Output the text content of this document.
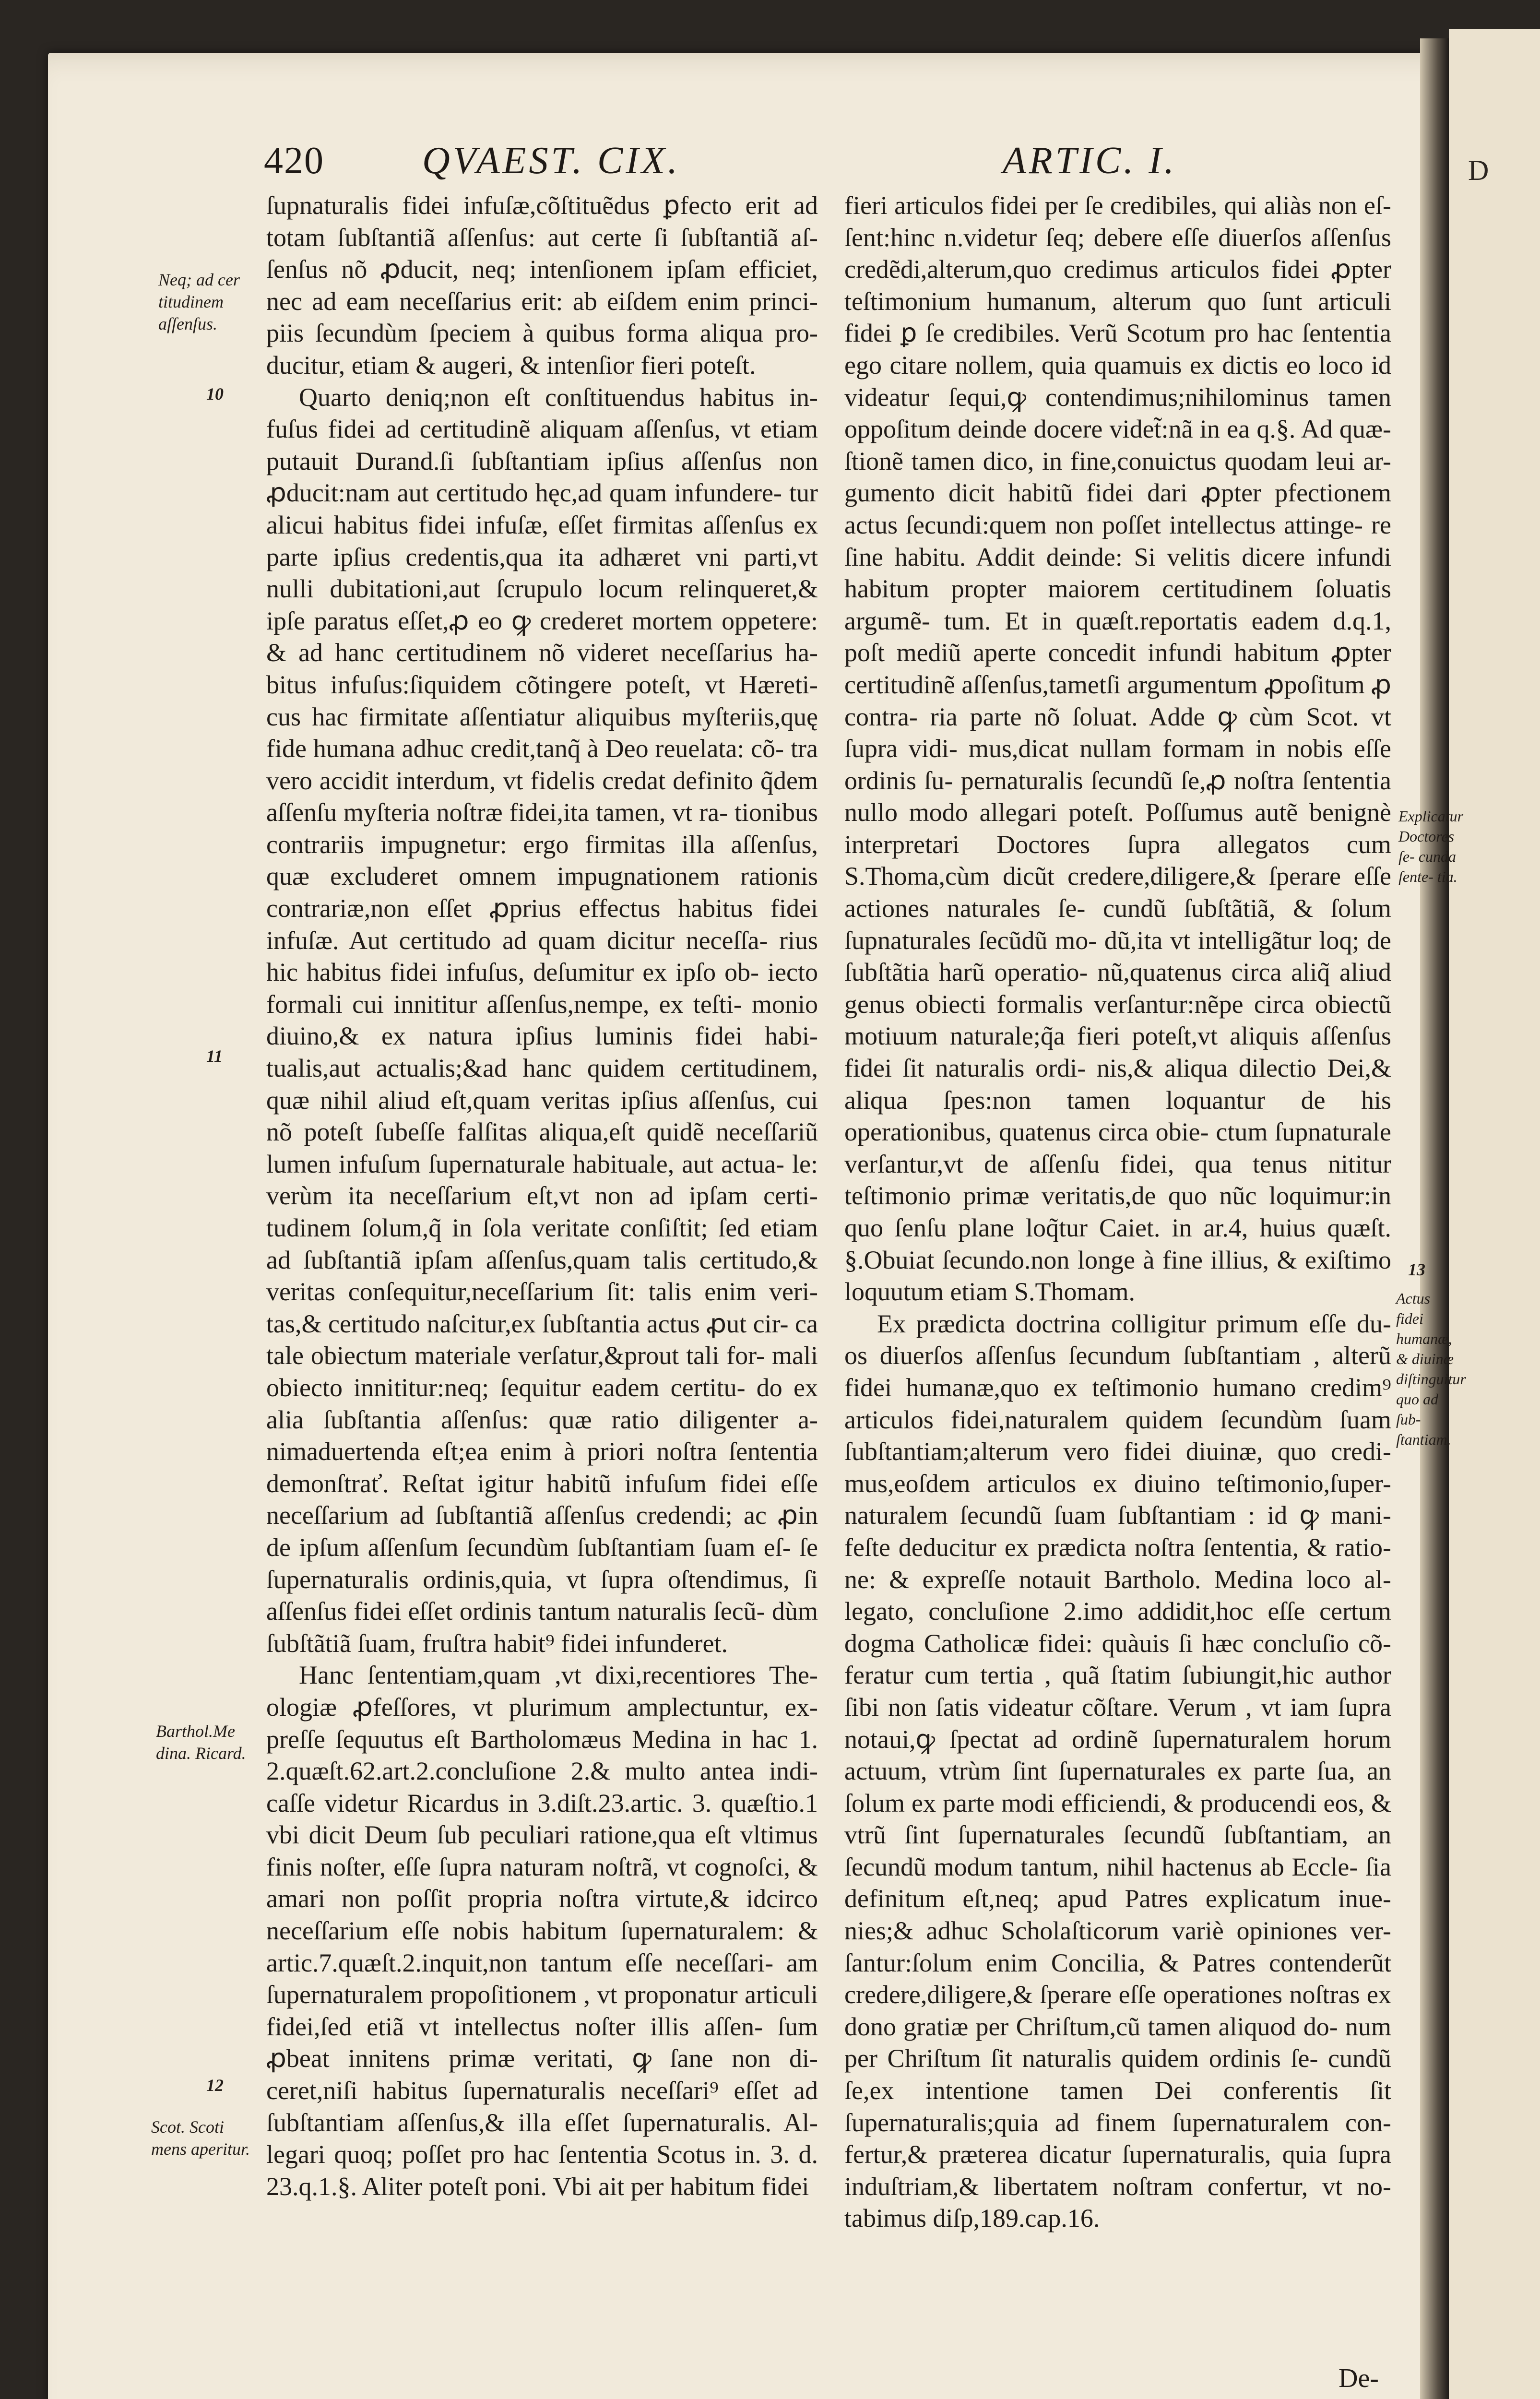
D
420	QVAEST. CIX.	ARTIC. I.

ſupnaturalis fidei infuſæ,cõſtituẽdus ꝑfecto erit ad totam ſubſtantiã aſſenſus: aut certe ſi ſubſtantiã aſ- ſenſus nõ ꝓducit, neq; intenſionem ipſam efficiet, nec ad eam neceſſarius erit: ab eiſdem enim princi- piis ſecundùm ſpeciem à quibus forma aliqua pro- ducitur, etiam & augeri, & intenſior fieri poteſt.

Quarto deniq;non eſt conſtituendus habitus in- fuſus fidei ad certitudinẽ aliquam aſſenſus, vt etiam putauit Durand.ſi ſubſtantiam ipſius aſſenſus non ꝓducit:nam aut certitudo hęc,ad quam infundere- tur alicui habitus fidei infuſæ, eſſet firmitas aſſenſus ex parte ipſius credentis,qua ita adhæret vni parti,vt nulli dubitationi,aut ſcrupulo locum relinqueret,& ipſe paratus eſſet,ꝓ eo ꝙ crederet mortem oppetere: & ad hanc certitudinem nõ videret neceſſarius ha- bitus infuſus:ſiquidem cõtingere poteſt, vt Hæreti- cus hac firmitate aſſentiatur aliquibus myſteriis,quę fide humana adhuc credit,tanq̃ à Deo reuelata: cõ- tra vero accidit interdum, vt fidelis credat definito q̃dem aſſenſu myſteria noſtræ fidei,ita tamen, vt ra- tionibus contrariis impugnetur: ergo firmitas illa aſſenſus, quæ excluderet omnem impugnationem rationis contrariæ,non eſſet ꝓprius effectus habitus fidei infuſæ. Aut certitudo ad quam dicitur neceſſa- rius hic habitus fidei infuſus, deſumitur ex ipſo ob- iecto formali cui innititur aſſenſus,nempe, ex teſti- monio diuino,& ex natura ipſius luminis fidei habi- tualis,aut actualis;&ad hanc quidem certitudinem, quæ nihil aliud eſt,quam veritas ipſius aſſenſus, cui nõ poteſt ſubeſſe falſitas aliqua,eſt quidẽ neceſſariũ lumen infuſum ſupernaturale habituale, aut actua- le: verùm ita neceſſarium eſt,vt non ad ipſam certi- tudinem ſolum,q̃ in ſola veritate conſiſtit; ſed etiam ad ſubſtantiã ipſam aſſenſus,quam talis certitudo,& veritas conſequitur,neceſſarium ſit: talis enim veri- tas,& certitudo naſcitur,ex ſubſtantia actus ꝓut cir- ca tale obiectum materiale verſatur,&prout tali for- mali obiecto innititur:neq; ſequitur eadem certitu- do ex alia ſubſtantia aſſenſus: quæ ratio diligenter a- nimaduertenda eſt;ea enim à priori noſtra ſententia demonſtrať. Reſtat igitur habitũ infuſum fidei eſſe neceſſarium ad ſubſtantiã aſſenſus credendi; ac ꝓin de ipſum aſſenſum ſecundùm ſubſtantiam ſuam eſ- ſe ſupernaturalis ordinis,quia, vt ſupra oſtendimus, ſi aſſenſus fidei eſſet ordinis tantum naturalis ſecũ- dùm ſubſtãtiã ſuam, fruſtra habit⁹ fidei infunderet.

Hanc ſententiam,quam ,vt dixi,recentiores The- ologiæ ꝓfeſſores, vt plurimum amplectuntur, ex- preſſe ſequutus eſt Bartholomæus Medina in hac 1. 2.quæſt.62.art.2.concluſione 2.& multo antea indi- caſſe videtur Ricardus in 3.diſt.23.artic. 3. quæſtio.1 vbi dicit Deum ſub peculiari ratione,qua eſt vltimus finis noſter, eſſe ſupra naturam noſtrã, vt cognoſci, & amari non poſſit propria noſtra virtute,& idcirco neceſſarium eſſe nobis habitum ſupernaturalem: & artic.7.quæſt.2.inquit,non tantum eſſe neceſſari- am ſupernaturalem propoſitionem , vt proponatur articuli fidei,ſed etiã vt intellectus noſter illis aſſen- ſum ꝓbeat innitens primæ veritati, ꝙ ſane non di- ceret,niſi habitus ſupernaturalis neceſſari⁹ eſſet ad ſubſtantiam aſſenſus,& illa eſſet ſupernaturalis. Al- legari quoq; poſſet pro hac ſententia Scotus in. 3. d. 23.q.1.§. Aliter poteſt poni. Vbi ait per habitum fidei

fieri articulos fidei per ſe credibiles, qui aliàs non eſ- ſent:hinc n.videtur ſeq; debere eſſe diuerſos aſſenſus credẽdi,alterum,quo credimus articulos fidei ꝓpter teſtimonium humanum, alterum quo ſunt articuli fidei ꝑ ſe credibiles. Verũ Scotum pro hac ſententia ego citare nollem, quia quamuis ex dictis eo loco id videatur ſequi,ꝙ contendimus;nihilominus tamen oppoſitum deinde docere videt̃:nã in ea q.§. Ad quæ- ſtionẽ tamen dico, in fine,conuictus quodam leui ar- gumento dicit habitũ fidei dari ꝓpter pfectionem actus ſecundi:quem non poſſet intellectus attinge- re ſine habitu. Addit deinde: Si velitis dicere infundi habitum propter maiorem certitudinem ſoluatis argumẽ- tum. Et in quæſt.reportatis eadem d.q.1, poſt mediũ aperte concedit infundi habitum ꝓpter certitudinẽ aſſenſus,tametſi argumentum ꝓpoſitum ꝓ contra- ria parte nõ ſoluat. Adde ꝙ cùm Scot. vt ſupra vidi- mus,dicat nullam formam in nobis eſſe ordinis ſu- pernaturalis ſecundũ ſe,ꝓ noſtra ſententia nullo modo allegari poteſt. Poſſumus autẽ benignè interpretari Doctores ſupra allegatos cum S.Thoma,cùm dicũt credere,diligere,& ſperare eſſe actiones naturales ſe- cundũ ſubſtãtiã, & ſolum ſupnaturales ſecũdũ mo- dũ,ita vt intelligãtur loq; de ſubſtãtia harũ operatio- nũ,quatenus circa aliq̃ aliud genus obiecti formalis verſantur:nẽpe circa obiectũ motiuum naturale;q̃a fieri poteſt,vt aliquis aſſenſus fidei ſit naturalis ordi- nis,& aliqua dilectio Dei,& aliqua ſpes:non tamen loquantur de his operationibus, quatenus circa obie- ctum ſupnaturale verſantur,vt de aſſenſu fidei, qua tenus nititur teſtimonio primæ veritatis,de quo nũc loquimur:in quo ſenſu plane loq̃tur Caiet. in ar.4, huius quæſt. §.Obuiat ſecundo.non longe à fine illius, & exiſtimo loquutum etiam S.Thomam.

Ex prædicta doctrina colligitur primum eſſe du- os diuerſos aſſenſus ſecundum ſubſtantiam , alterũ fidei humanæ,quo ex teſtimonio humano credim⁹ articulos fidei,naturalem quidem ſecundùm ſuam ſubſtantiam;alterum vero fidei diuinæ, quo credi- mus,eoſdem articulos ex diuino teſtimonio,ſuper- naturalem ſecundũ ſuam ſubſtantiam : id ꝙ mani- feſte deducitur ex prædicta noſtra ſententia, & ratio- ne: & expreſſe notauit Bartholo. Medina loco al- legato, concluſione 2.imo addidit,hoc eſſe certum dogma Catholicæ fidei: quàuis ſi hæc concluſio cõ- feratur cum tertia , quã ſtatim ſubiungit,hic author ſibi non ſatis videatur cõſtare. Verum , vt iam ſupra notaui,ꝙ ſpectat ad ordinẽ ſupernaturalem horum actuum, vtrùm ſint ſupernaturales ex parte ſua, an ſolum ex parte modi efficiendi, & producendi eos, & vtrũ ſint ſupernaturales ſecundũ ſubſtantiam, an ſecundũ modum tantum, nihil hactenus ab Eccle- ſia definitum eſt,neq; apud Patres explicatum inue- nies;& adhuc Scholaſticorum variè opiniones ver- ſantur:ſolum enim Concilia, & Patres contenderũt credere,diligere,& ſperare eſſe operationes noſtras ex dono gratiæ per Chriſtum,cũ tamen aliquod do- num per Chriſtum ſit naturalis quidem ordinis ſe- cundũ ſe,ex intentione tamen Dei conferentis ſit ſupernaturalis;quia ad finem ſupernaturalem con- fertur,& præterea dicatur ſupernaturalis, quia ſupra induſtriam,& libertatem noſtram confertur, vt no- tabimus diſp,189.cap.16.

Neq; ad cer titudinem aſſenſus.
10
11
Barthol.Me dina. Ricard.
12
Scot. Scoti mens aperitur.
Explicatur Doctores ſe- cunda ſente- tia.
13
Actus fidei humanæ, & diuinæ diſtinguitur quo ad ſub- ſtantiam.
De-
